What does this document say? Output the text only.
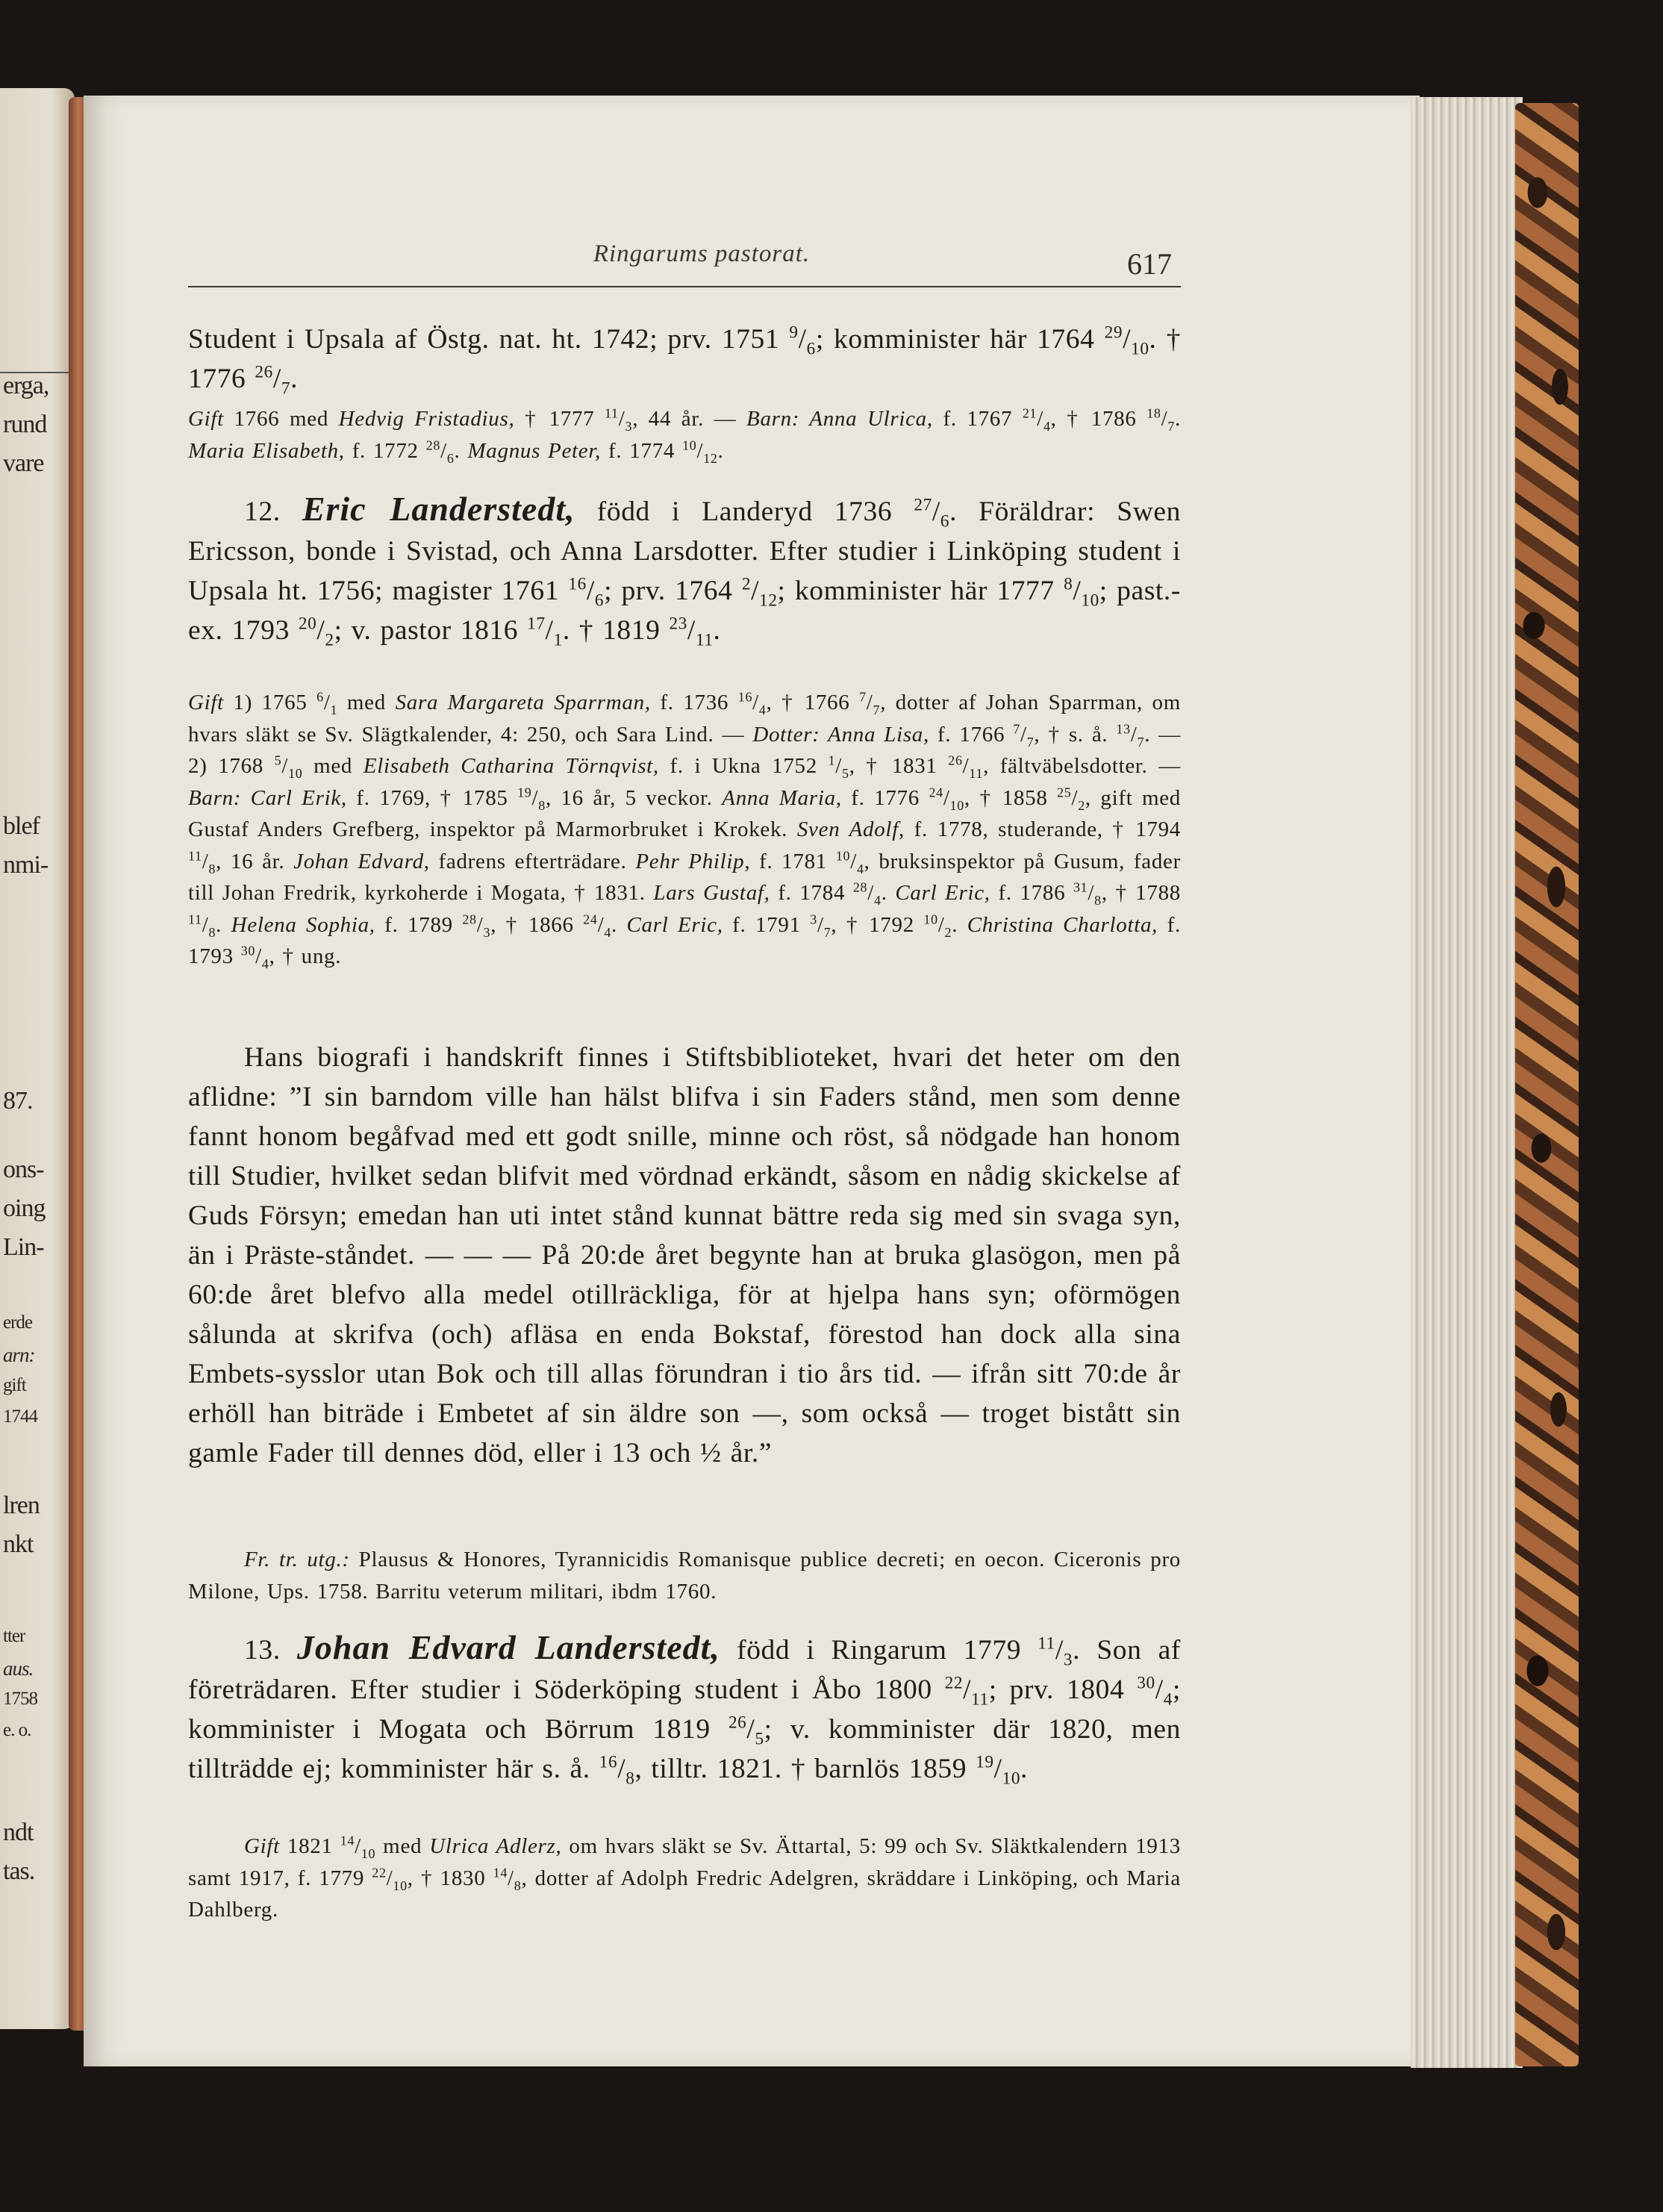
erga,
rund
vare
blef
nmi-
87.
ons-
oing
Lin-
erde
arn:
gift
1744
lren
nkt
tter
aus.
1758
e. o.
ndt
tas.
Ringarums pastorat.	617
Student i Upsala af Östg. nat. ht. 1742; prv. 1751 $^9/_6$; komminister här 1764 $^{29}/_{10}$. † 1776 $^{26}/_7$.
Gift 1766 med Hedvig Fristadius, † 1777 $^{11}/_3$, 44 år. — Barn: Anna Ulrica, f. 1767 $^{21}/_4$, † 1786 $^{18}/_7$. Maria Elisabeth, f. 1772 $^{28}/_6$. Magnus Peter, f. 1774 $^{10}/_{12}$.
12. Eric Landerstedt, född i Landeryd 1736 $^{27}/_6$. Föräldrar: Swen Ericsson, bonde i Svistad, och Anna Larsdotter. Efter studier i Linköping student i Upsala ht. 1756; magister 1761 $^{16}/_6$; prv. 1764 $^2/_{12}$; komminister här 1777 $^8/_{10}$; past.-ex. 1793 $^{20}/_2$; v. pastor 1816 $^{17}/_1$. † 1819 $^{23}/_{11}$.
Gift 1) 1765 $^6/_1$ med Sara Margareta Sparrman, f. 1736 $^{16}/_4$, † 1766 $^7/_7$, dotter af Johan Sparrman, om hvars släkt se Sv. Slägtkalender, 4: 250, och Sara Lind. — Dotter: Anna Lisa, f. 1766 $^7/_7$, † s. å. $^{13}/_7$. — 2) 1768 $^5/_{10}$ med Elisabeth Catharina Törnqvist, f. i Ukna 1752 $^1/_5$, † 1831 $^{26}/_{11}$, fältväbelsdotter. — Barn: Carl Erik, f. 1769, † 1785 $^{19}/_8$, 16 år, 5 veckor. Anna Maria, f. 1776 $^{24}/_{10}$, † 1858 $^{25}/_2$, gift med Gustaf Anders Grefberg, inspektor på Marmorbruket i Krokek. Sven Adolf, f. 1778, studerande, † 1794 $^{11}/_8$, 16 år. Johan Edvard, fadrens efterträdare. Pehr Philip, f. 1781 $^{10}/_4$, bruksinspektor på Gusum, fader till Johan Fredrik, kyrkoherde i Mogata, † 1831. Lars Gustaf, f. 1784 $^{28}/_4$. Carl Eric, f. 1786 $^{31}/_8$, † 1788 $^{11}/_8$. Helena Sophia, f. 1789 $^{28}/_3$, † 1866 $^{24}/_4$. Carl Eric, f. 1791 $^3/_7$, † 1792 $^{10}/_2$. Christina Charlotta, f. 1793 $^{30}/_4$, † ung.
Hans biografi i handskrift finnes i Stiftsbiblioteket, hvari det heter om den aflidne: ”I sin barndom ville han hälst blifva i sin Faders stånd, men som denne fannt honom begåfvad med ett godt snille, minne och röst, så nödgade han honom till Studier, hvilket sedan blifvit med vördnad erkändt, såsom en nådig skickelse af Guds Försyn; emedan han uti intet stånd kunnat bättre reda sig med sin svaga syn, än i Präste-ståndet. — — — På 20:de året begynte han at bruka glasögon, men på 60:de året blefvo alla medel otillräckliga, för at hjelpa hans syn; oförmögen sålunda at skrifva (och) afläsa en enda Bokstaf, förestod han dock alla sina Embets-sysslor utan Bok och till allas förundran i tio års tid. — ifrån sitt 70:de år erhöll han biträde i Embetet af sin äldre son —, som också — troget bistått sin gamle Fader till dennes död, eller i 13 och ½ år.”
Fr. tr. utg.: Plausus & Honores, Tyrannicidis Romanisque publice decreti; en oecon. Ciceronis pro Milone, Ups. 1758. Barritu veterum militari, ibdm 1760.
13. Johan Edvard Landerstedt, född i Ringarum 1779 $^{11}/_3$. Son af företrädaren. Efter studier i Söderköping student i Åbo 1800 $^{22}/_{11}$; prv. 1804 $^{30}/_4$; komminister i Mogata och Börrum 1819 $^{26}/_5$; v. komminister där 1820, men tillträdde ej; komminister här s. å. $^{16}/_8$, tilltr. 1821. † barnlös 1859 $^{19}/_{10}$.
Gift 1821 $^{14}/_{10}$ med Ulrica Adlerz, om hvars släkt se Sv. Ättartal, 5: 99 och Sv. Släktkalendern 1913 samt 1917, f. 1779 $^{22}/_{10}$, † 1830 $^{14}/_8$, dotter af Adolph Fredric Adelgren, skräddare i Linköping, och Maria Dahlberg.
